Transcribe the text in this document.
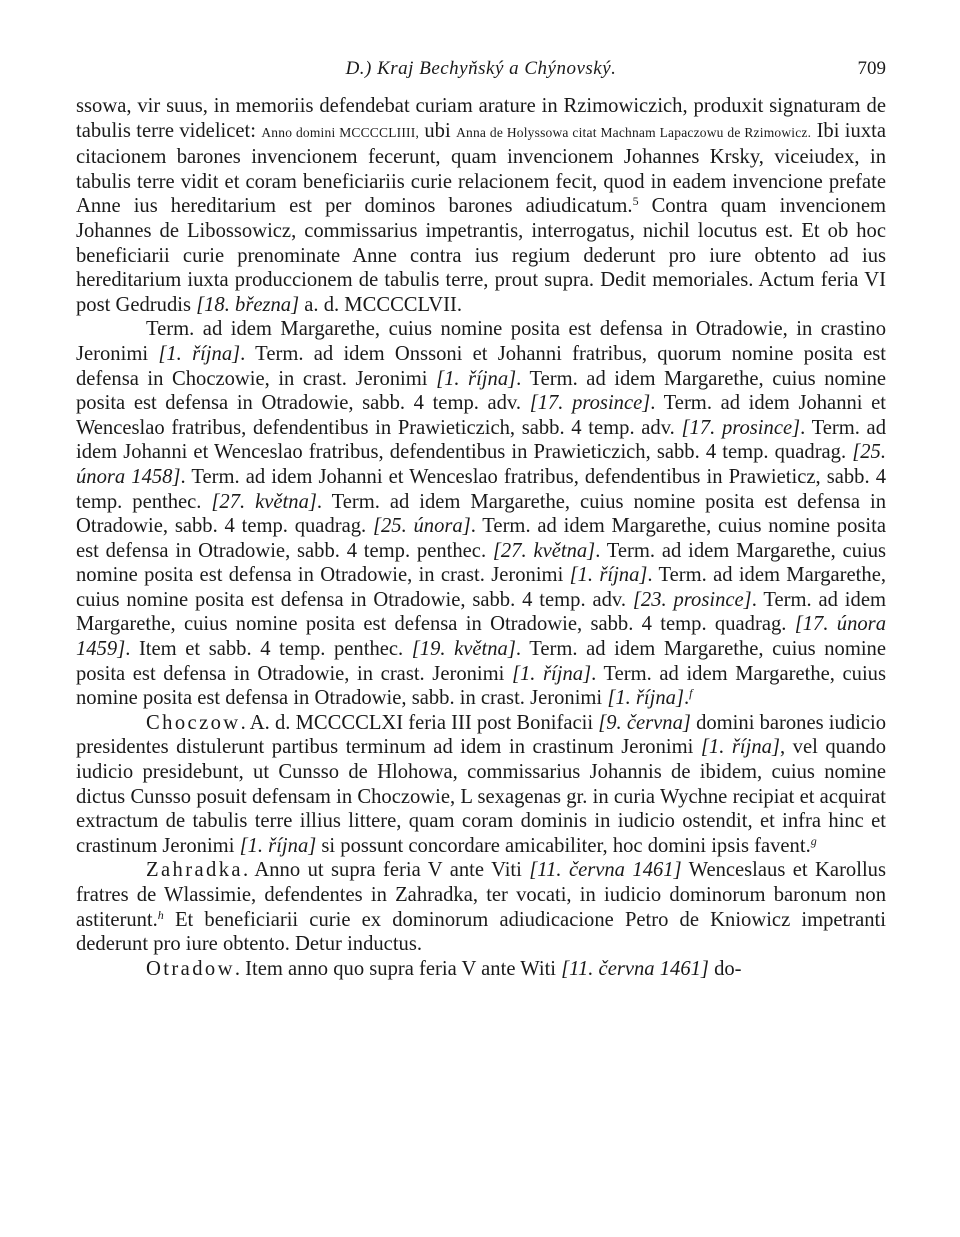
D.) Kraj Bechyňský a Chýnovský.	709

ssowa, vir suus, in memoriis defendebat curiam arature in Rzimowiczich, produxit signaturam de tabulis terre videlicet: Anno domini MCCCCLIIII, ubi Anna de Holyssowa citat Machnam Lapaczowu de Rzimowicz. Ibi iuxta citacionem barones invencionem fecerunt, quam invencionem Johannes Krsky, viceiudex, in tabulis terre vidit et coram beneficiariis curie relacionem fecit, quod in eadem invencione prefate Anne ius hereditarium est per dominos barones adiudicatum.$^5$ Contra quam invencionem Johannes de Libossowicz, commissarius impetrantis, interrogatus, nichil locutus est. Et ob hoc beneficiarii curie prenominate Anne contra ius regium dederunt pro iure obtento ad ius hereditarium iuxta produccionem de tabulis terre, prout supra. Dedit memoriales. Actum feria VI post Gedrudis [18. března] a. d. MCCCCLVII.

Term. ad idem Margarethe, cuius nomine posita est defensa in Otradowie, in crastino Jeronimi [1. října]. Term. ad idem Onssoni et Johanni fratribus, quorum nomine posita est defensa in Choczowie, in crast. Jeronimi [1. října]. Term. ad idem Margarethe, cuius nomine posita est defensa in Otradowie, sabb. 4 temp. adv. [17. prosince]. Term. ad idem Johanni et Wenceslao fratribus, defendentibus in Prawieticzich, sabb. 4 temp. adv. [17. prosince]. Term. ad idem Johanni et Wenceslao fratribus, defendentibus in Prawieticzich, sabb. 4 temp. quadrag. [25. února 1458]. Term. ad idem Johanni et Wenceslao fratribus, defendentibus in Prawieticz, sabb. 4 temp. penthec. [27. května]. Term. ad idem Margarethe, cuius nomine posita est defensa in Otradowie, sabb. 4 temp. quadrag. [25. února]. Term. ad idem Margarethe, cuius nomine posita est defensa in Otradowie, sabb. 4 temp. penthec. [27. května]. Term. ad idem Margarethe, cuius nomine posita est defensa in Otradowie, in crast. Jeronimi [1. října]. Term. ad idem Margarethe, cuius nomine posita est defensa in Otradowie, sabb. 4 temp. adv. [23. prosince]. Term. ad idem Margarethe, cuius nomine posita est defensa in Otradowie, sabb. 4 temp. quadrag. [17. února 1459]. Item et sabb. 4 temp. penthec. [19. května]. Term. ad idem Margarethe, cuius nomine posita est defensa in Otradowie, in crast. Jeronimi [1. října]. Term. ad idem Margarethe, cuius nomine posita est defensa in Otradowie, sabb. in crast. Jeronimi [1. října].$^f$

Choczow. A. d. MCCCCLXI feria III post Bonifacii [9. června] domini barones iudicio presidentes distulerunt partibus terminum ad idem in crastinum Jeronimi [1. října], vel quando iudicio presidebunt, ut Cunsso de Hlohowa, commissarius Johannis de ibidem, cuius nomine dictus Cunsso posuit defensam in Choczowie, L sexagenas gr. in curia Wychne recipiat et acquirat extractum de tabulis terre illius littere, quam coram dominis in iudicio ostendit, et infra hinc et crastinum Jeronimi [1. října] si possunt concordare amicabiliter, hoc domini ipsis favent.$^g$

Zahradka. Anno ut supra feria V ante Viti [11. června 1461] Wenceslaus et Karollus fratres de Wlassimie, defendentes in Zahradka, ter vocati, in iudicio dominorum baronum non astiterunt.$^h$ Et beneficiarii curie ex dominorum adiudicacione Petro de Kniowicz impetranti dederunt pro iure obtento. Detur inductus.

Otradow. Item anno quo supra feria V ante Witi [11. června 1461] do-
